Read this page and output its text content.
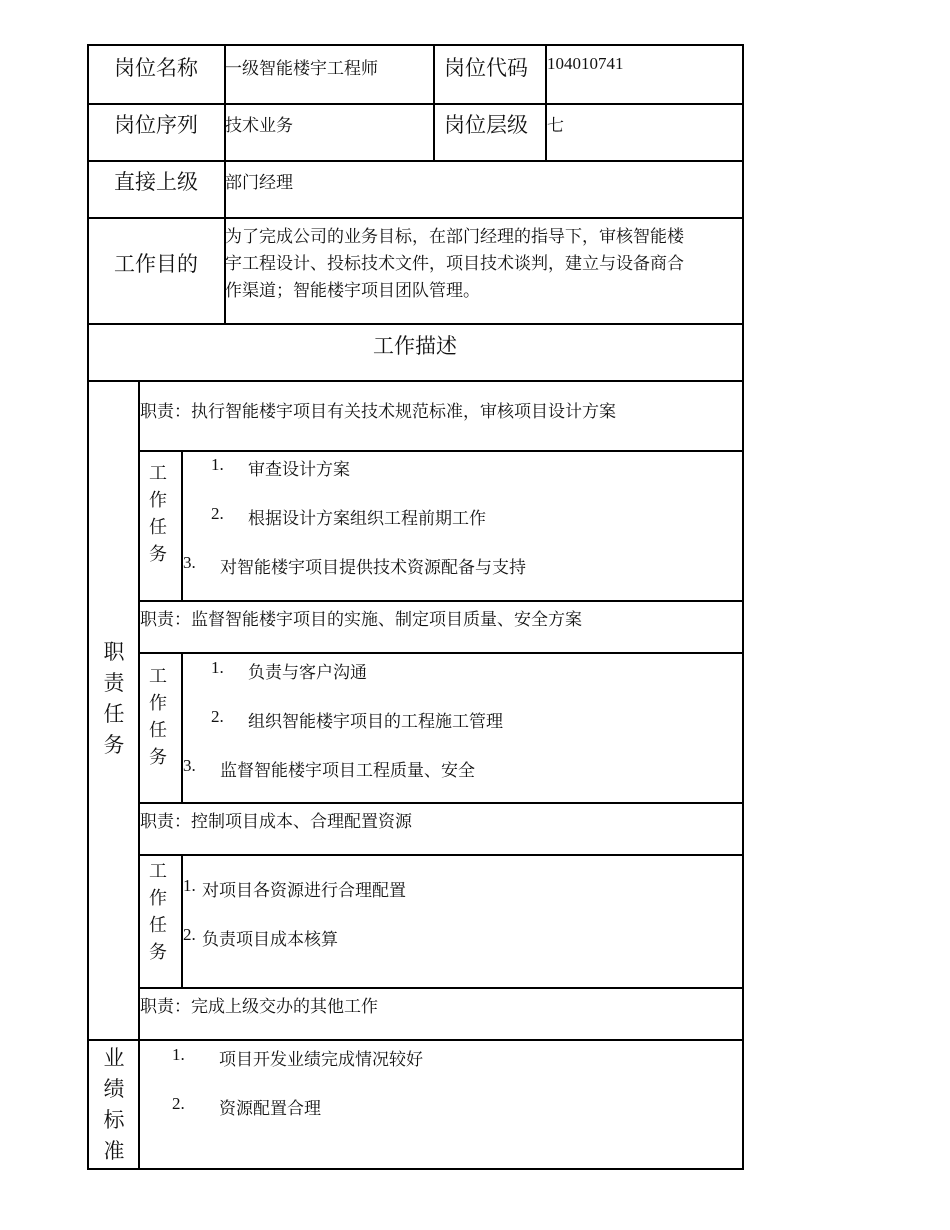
岗位名称 一级智能楼宇工程师	岗位代码 104010741
岗位序列 技术业务	岗位层级 七
直接上级 部门经理
工作目的
为了完成公司的业务目标，在部门经理的指导下，审核智能楼
宇工程设计、投标技术文件，项目技术谈判，建立与设备商合
作渠道；智能楼宇项目团队管理。
工作描述
职
责
任
务
职责：执行智能楼宇项目有关技术规范标准，审核项目设计方案
工
作
任
务
1. 审查设计方案
2. 根据设计方案组织工程前期工作
3. 对智能楼宇项目提供技术资源配备与支持
职责：监督智能楼宇项目的实施、制定项目质量、安全方案
工
作
任
务
1. 负责与客户沟通
2. 组织智能楼宇项目的工程施工管理
3. 监督智能楼宇项目工程质量、安全
职责：控制项目成本、合理配置资源
工
作
任
务
1. 对项目各资源进行合理配置
2. 负责项目成本核算
职责：完成上级交办的其他工作
业
绩
标
准
1. 项目开发业绩完成情况较好
2. 资源配置合理
